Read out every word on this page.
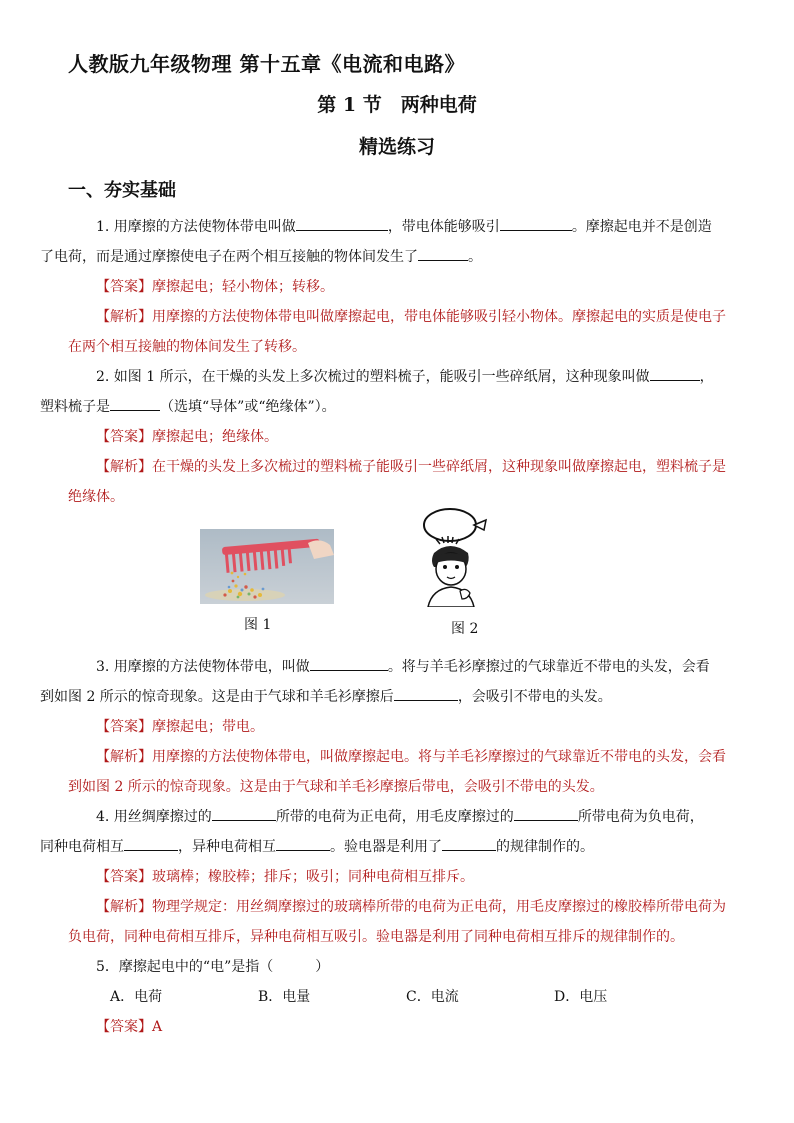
人教版九年级物理 第十五章《电流和电路》
第 1 节　两种电荷
精选练习
一、夯实基础
1. 用摩擦的方法使物体带电叫做	，带电体能够吸引	。摩擦起电并不是创造
了电荷，而是通过摩擦使电子在两个相互接触的物体间发生了	。
【答案】摩擦起电；轻小物体；转移。
【解析】用摩擦的方法使物体带电叫做摩擦起电，带电体能够吸引轻小物体。摩擦起电的实质是使电子在两个相互接触的物体间发生了转移。
2. 如图 1 所示，在干燥的头发上多次梳过的塑料梳子，能吸引一些碎纸屑，这种现象叫做	，
塑料梳子是	（选填“导体”或“绝缘体”）。
【答案】摩擦起电；绝缘体。
【解析】在干燥的头发上多次梳过的塑料梳子能吸引一些碎纸屑，这种现象叫做摩擦起电，塑料梳子是绝缘体。
图 1	图 2
3. 用摩擦的方法使物体带电，叫做	。将与羊毛衫摩擦过的气球靠近不带电的头发，会看
到如图 2 所示的惊奇现象。这是由于气球和羊毛衫摩擦后	，会吸引不带电的头发。
【答案】摩擦起电；带电。
【解析】用摩擦的方法使物体带电，叫做摩擦起电。将与羊毛衫摩擦过的气球靠近不带电的头发，会看到如图 2 所示的惊奇现象。这是由于气球和羊毛衫摩擦后带电，会吸引不带电的头发。
4. 用丝绸摩擦过的	所带的电荷为正电荷，用毛皮摩擦过的	所带电荷为负电荷，
同种电荷相互	，异种电荷相互	。验电器是利用了	的规律制作的。
【答案】玻璃棒；橡胶棒；排斥；吸引；同种电荷相互排斥。
【解析】物理学规定：用丝绸摩擦过的玻璃棒所带的电荷为正电荷，用毛皮摩擦过的橡胶棒所带电荷为负电荷，同种电荷相互排斥，异种电荷相互吸引。验电器是利用了同种电荷相互排斥的规律制作的。
5．摩擦起电中的“电”是指（　　　）
A．电荷	B．电量	C．电流	D．电压
【答案】A
